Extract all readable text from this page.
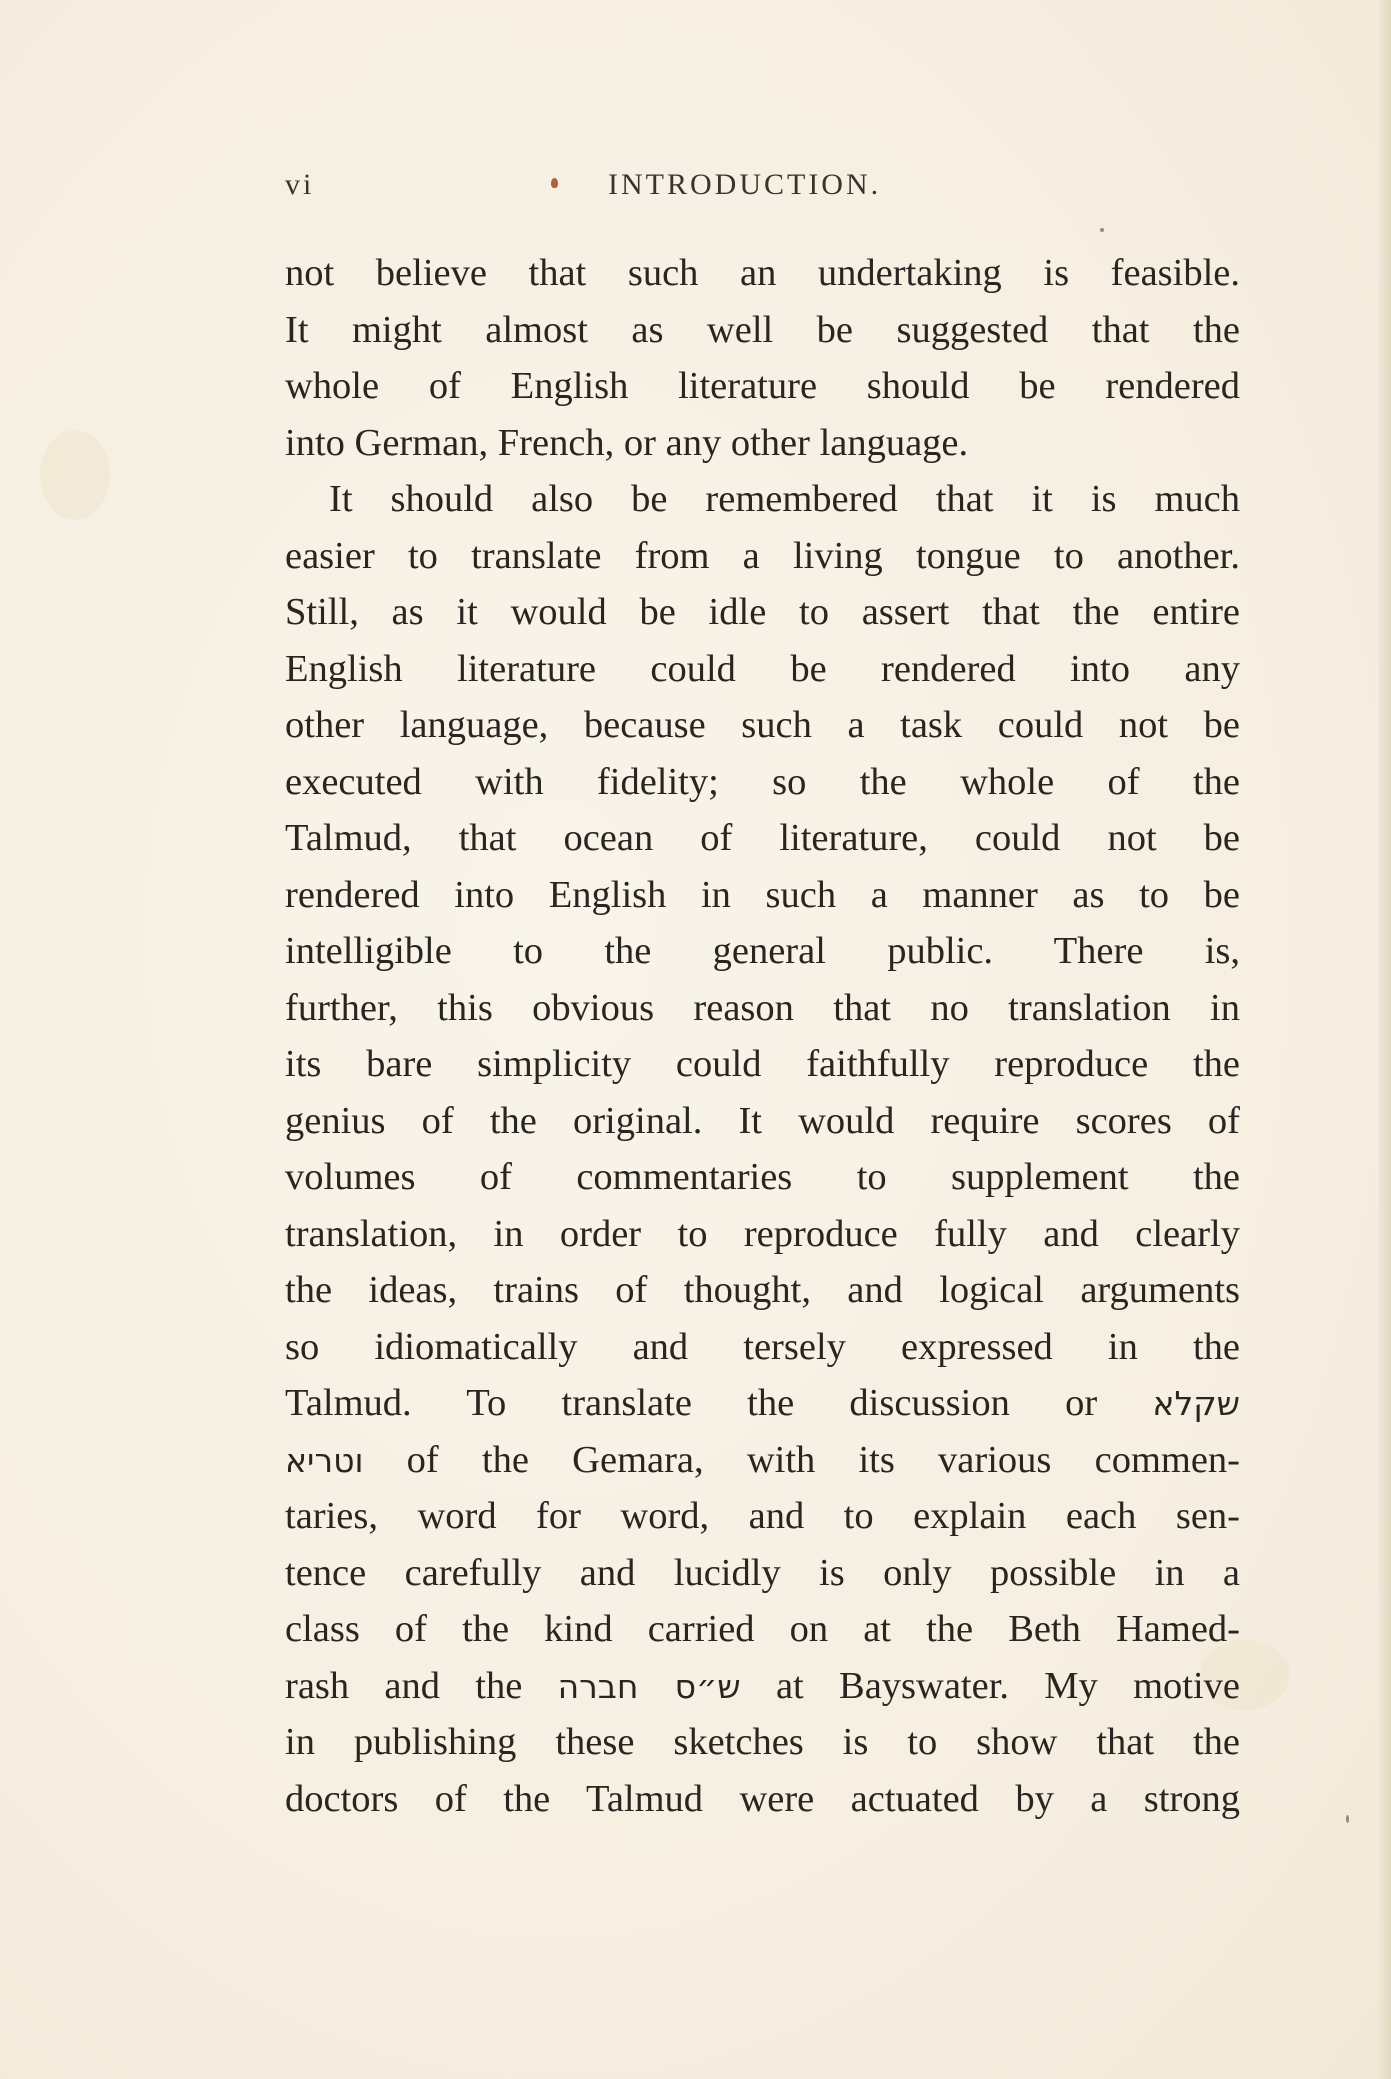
vi	INTRODUCTION.
not believe that such an undertaking is feasible.
It might almost as well be suggested that the
whole of English literature should be rendered
into German, French, or any other language.
It should also be remembered that it is much
easier to translate from a living tongue to another.
Still, as it would be idle to assert that the entire
English literature could be rendered into any
other language, because such a task could not be
executed with fidelity; so the whole of the
Talmud, that ocean of literature, could not be
rendered into English in such a manner as to be
intelligible to the general public. There is,
further, this obvious reason that no translation in
its bare simplicity could faithfully reproduce the
genius of the original. It would require scores of
volumes of commentaries to supplement the
translation, in order to reproduce fully and clearly
the ideas, trains of thought, and logical arguments
so idiomatically and tersely expressed in the
Talmud. To translate the discussion or שקלא
וטריא of the Gemara, with its various commen-
taries, word for word, and to explain each sen-
tence carefully and lucidly is only possible in a
class of the kind carried on at the Beth Hamed-
rash and the ש״ס חברה at Bayswater. My motive
in publishing these sketches is to show that the
doctors of the Talmud were actuated by a strong
